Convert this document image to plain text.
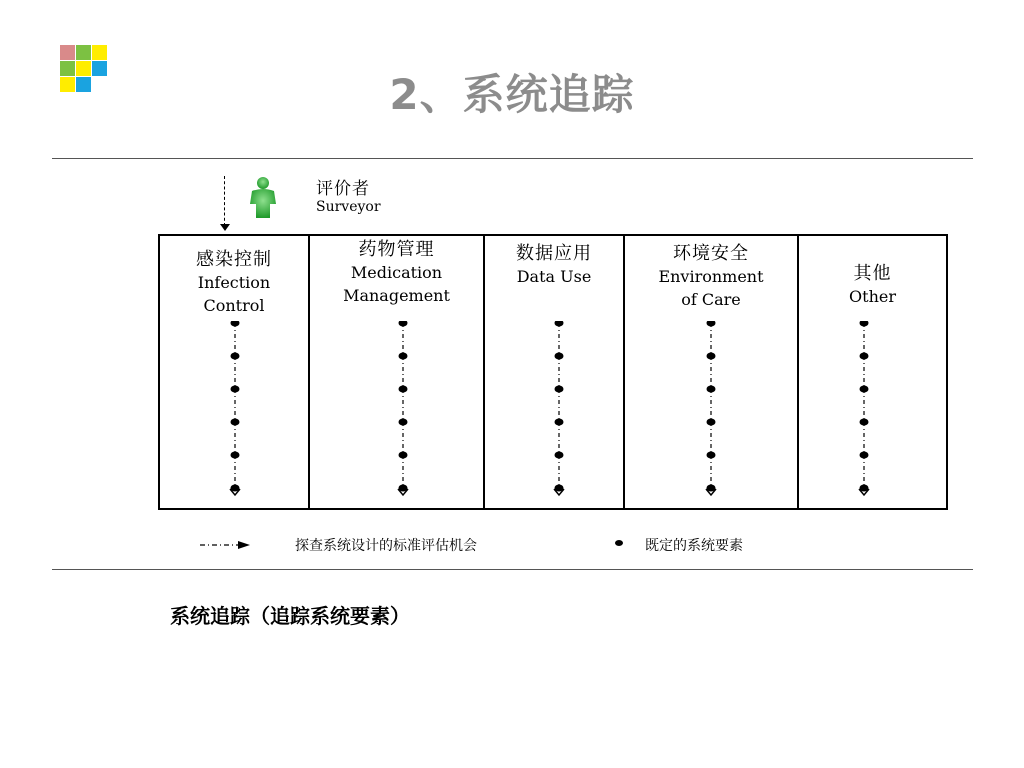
2、系统追踪
评价者
Surveyor
感染控制
Infection
Control
药物管理
Medication
Management
数据应用
Data Use
环境安全
Environment
of Care
其他
Other
探查系统设计的标准评估机会	既定的系统要素
系统追踪（追踪系统要素）
